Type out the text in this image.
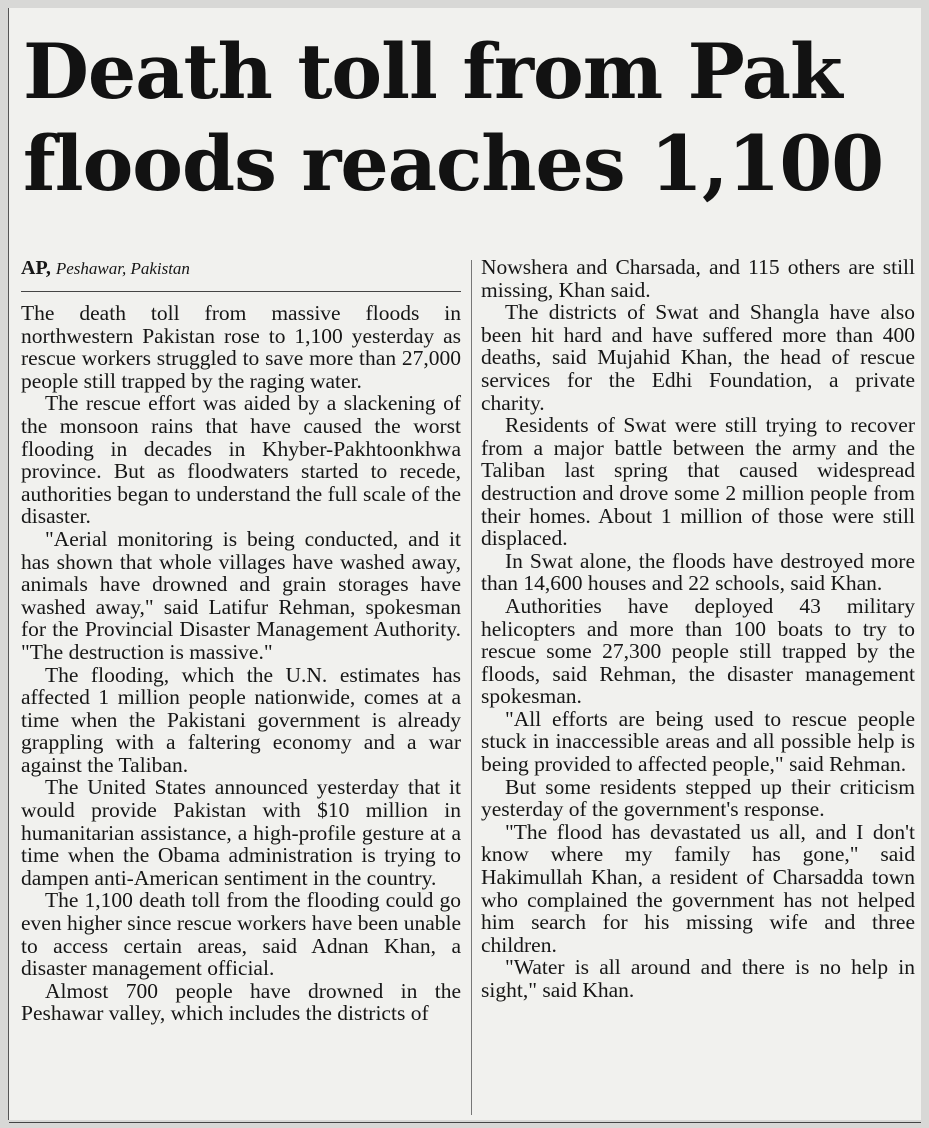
Death toll from Pak
floods reaches 1,100
AP, Peshawar, Pakistan

The death toll from massive floods in northwestern Pakistan rose to 1,100 yesterday as rescue workers struggled to save more than 27,000 people still trapped by the raging water.

The rescue effort was aided by a slackening of the monsoon rains that have caused the worst flooding in decades in Khyber-Pakhtoonkhwa province. But as floodwaters started to recede, authorities began to understand the full scale of the disaster.

"Aerial monitoring is being conducted, and it has shown that whole villages have washed away, animals have drowned and grain storages have washed away," said Latifur Rehman, spokesman for the Provincial Disaster Management Authority. "The destruction is massive."

The flooding, which the U.N. estimates has affected 1 million people nationwide, comes at a time when the Pakistani government is already grappling with a faltering economy and a war against the Taliban.

The United States announced yesterday that it would provide Pakistan with $10 million in humanitarian assistance, a high-profile gesture at a time when the Obama administration is trying to dampen anti-American sentiment in the country.

The 1,100 death toll from the flooding could go even higher since rescue workers have been unable to access certain areas, said Adnan Khan, a disaster management official.

Almost 700 people have drowned in the Peshawar valley, which includes the districts of

Nowshera and Charsada, and 115 others are still missing, Khan said.

The districts of Swat and Shangla have also been hit hard and have suffered more than 400 deaths, said Mujahid Khan, the head of rescue services for the Edhi Foundation, a private charity.

Residents of Swat were still trying to recover from a major battle between the army and the Taliban last spring that caused widespread destruction and drove some 2 million people from their homes. About 1 million of those were still displaced.

In Swat alone, the floods have destroyed more than 14,600 houses and 22 schools, said Khan.

Authorities have deployed 43 military helicopters and more than 100 boats to try to rescue some 27,300 people still trapped by the floods, said Rehman, the disaster management spokesman.

"All efforts are being used to rescue people stuck in inaccessible areas and all possible help is being provided to affected people," said Rehman.

But some residents stepped up their criticism yesterday of the government's response.

"The flood has devastated us all, and I don't know where my family has gone," said Hakimullah Khan, a resident of Charsadda town who complained the government has not helped him search for his missing wife and three children.

"Water is all around and there is no help in sight," said Khan.
